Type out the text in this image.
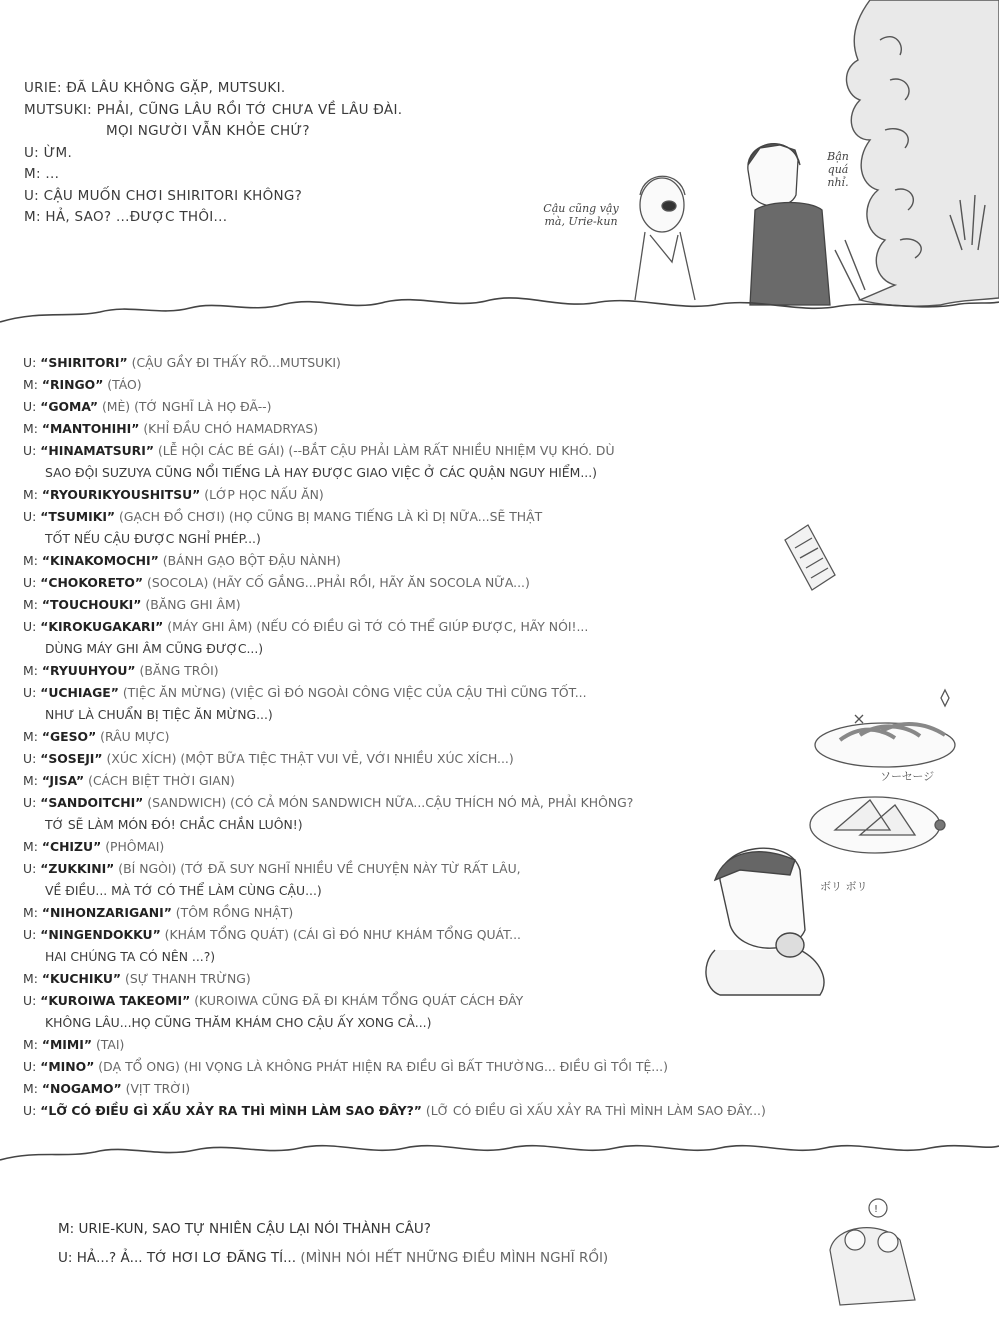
ソーセージ
ボリ ボリ
!
URIE: ĐÃ LÂU KHÔNG GẶP, MUTSUKI.
MUTSUKI: PHẢI, CŨNG LÂU RỒI TỚ CHƯA VỀ LÂU ĐÀI.
MỌI NGƯỜI VẪN KHỎE CHỨ?
U: ỪM.
M: ...
U: CẬU MUỐN CHƠI SHIRITORI KHÔNG?
M: HẢ, SAO? ...ĐƯỢC THÔI...
Cậu cũng vậy mà, Urie-kun
Bận quá nhỉ.
U: “SHIRITORI” (CẬU GẦY ĐI THẤY RÕ...MUTSUKI)
M: “RINGO” (TÁO)
U: “GOMA” (MÈ) (TỚ NGHĨ LÀ HỌ ĐÃ--)
M: “MANTOHIHI” (KHỈ ĐẦU CHÓ HAMADRYAS)
U: “HINAMATSURI” (LỄ HỘI CÁC BÉ GÁI) (--BẮT CẬU PHẢI LÀM RẤT NHIỀU NHIỆM VỤ KHÓ. DÙ
SAO ĐỘI SUZUYA CŨNG NỔI TIẾNG LÀ HAY ĐƯỢC GIAO VIỆC Ở CÁC QUẬN NGUY HIỂM...)
M: “RYOURIKYOUSHITSU” (LỚP HỌC NẤU ĂN)
U: “TSUMIKI” (GẠCH ĐỒ CHƠI) (HỌ CŨNG BỊ MANG TIẾNG LÀ KÌ DỊ NỮA...SẼ THẬT
TỐT NẾU CẬU ĐƯỢC NGHỈ PHÉP...)
M: “KINAKOMOCHI” (BÁNH GẠO BỘT ĐẬU NÀNH)
U: “CHOKORETO” (SOCOLA) (HÃY CỐ GẮNG...PHẢI RỒI, HÃY ĂN SOCOLA NỮA...)
M: “TOUCHOUKI” (BĂNG GHI ÂM)
U: “KIROKUGAKARI” (MÁY GHI ÂM) (NẾU CÓ ĐIỀU GÌ TỚ CÓ THỂ GIÚP ĐƯỢC, HÃY NÓI!...
DÙNG MÁY GHI ÂM CŨNG ĐƯỢC...)
M: “RYUUHYOU” (BĂNG TRÔI)
U: “UCHIAGE” (TIỆC ĂN MỪNG) (VIỆC GÌ ĐÓ NGOÀI CÔNG VIỆC CỦA CẬU THÌ CŨNG TỐT...
NHƯ LÀ CHUẨN BỊ TIỆC ĂN MỪNG...)
M: “GESO” (RÂU MỰC)
U: “SOSEJI” (XÚC XÍCH) (MỘT BỮA TIỆC THẬT VUI VẺ, VỚI NHIỀU XÚC XÍCH...)
M: “JISA” (CÁCH BIỆT THỜI GIAN)
U: “SANDOITCHI” (SANDWICH) (CÓ CẢ MÓN SANDWICH NỮA...CẬU THÍCH NÓ MÀ, PHẢI KHÔNG?
TỚ SẼ LÀM MÓN ĐÓ! CHẮC CHẮN LUÔN!)
M: “CHIZU” (PHÔMAI)
U: “ZUKKINI” (BÍ NGÒI) (TỚ ĐÃ SUY NGHĨ NHIỀU VỀ CHUYỆN NÀY TỪ RẤT LÂU,
VỀ ĐIỀU... MÀ TỚ CÓ THỂ LÀM CÙNG CẬU...)
M: “NIHONZARIGANI” (TÔM RỒNG NHẬT)
U: “NINGENDOKKU” (KHÁM TỔNG QUÁT) (CÁI GÌ ĐÓ NHƯ KHÁM TỔNG QUÁT...
HAI CHÚNG TA CÓ NÊN ...?)
M: “KUCHIKU” (SỰ THANH TRỪNG)
U: “KUROIWA TAKEOMI” (KUROIWA CŨNG ĐÃ ĐI KHÁM TỔNG QUÁT CÁCH ĐÂY
KHÔNG LÂU...HỌ CŨNG THĂM KHÁM CHO CẬU ẤY XONG CẢ...)
M: “MIMI” (TAI)
U: “MINO” (DẠ TỔ ONG) (HI VỌNG LÀ KHÔNG PHÁT HIỆN RA ĐIỀU GÌ BẤT THƯỜNG... ĐIỀU GÌ TỒI TỆ...)
M: “NOGAMO” (VỊT TRỜI)
U: “LỠ CÓ ĐIỀU GÌ XẤU XẢY RA THÌ MÌNH LÀM SAO ĐÂY?” (LỠ CÓ ĐIỀU GÌ XẤU XẢY RA THÌ MÌNH LÀM SAO ĐÂY...)
M: URIE-KUN, SAO TỰ NHIÊN CẬU LẠI NÓI THÀNH CÂU?
U: HẢ...? Ả... TỚ HƠI LƠ ĐÃNG TÍ... (MÌNH NÓI HẾT NHỮNG ĐIỀU MÌNH NGHĨ RỒI)
